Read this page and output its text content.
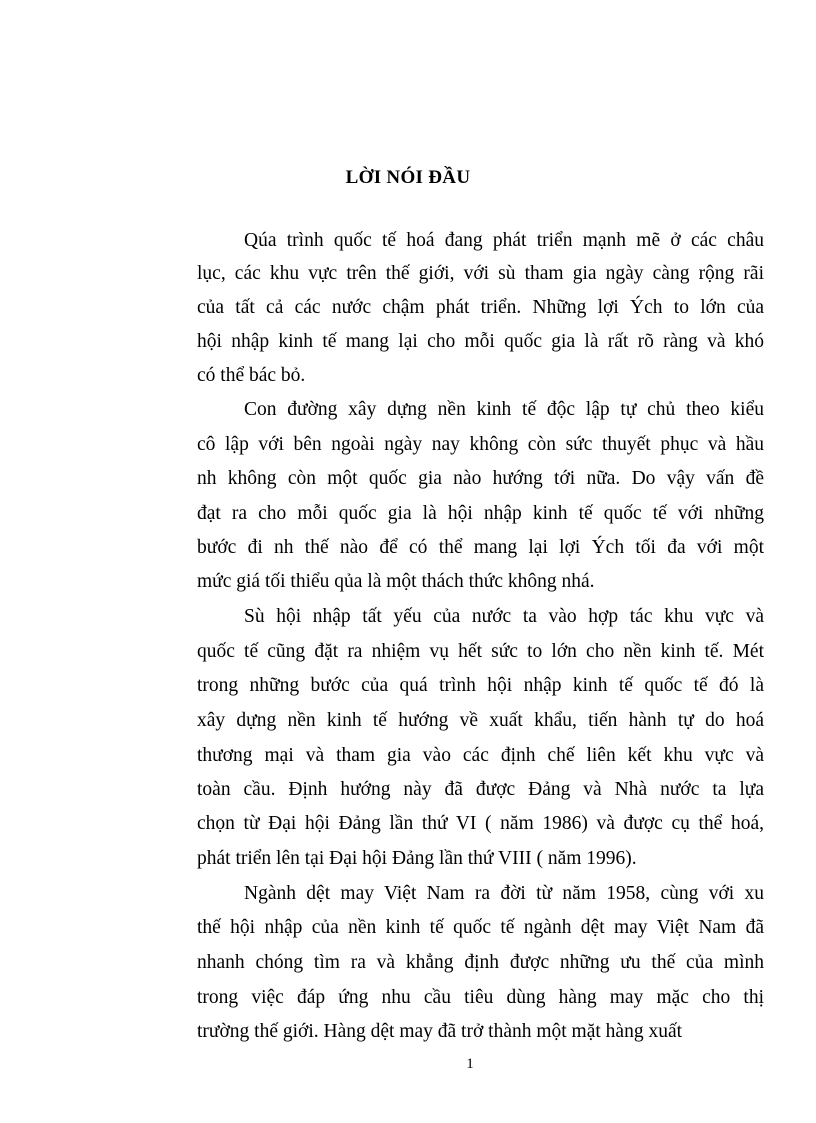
LỜI NÓI ĐẦU
Qúa trình quốc tế hoá đang phát triển mạnh mẽ ở các châu
lục, các khu vực trên thế giới, với sù tham gia ngày càng rộng rãi
của tất cả các nước chậm phát triển. Những lợi Ých to lớn của
hội nhập kinh tế mang lại cho mỗi quốc gia là rất rõ ràng và khó
có thể bác bỏ.
Con đường xây dựng nền kinh tế độc lập tự chủ theo kiểu
cô lập với bên ngoài ngày nay không còn sức thuyết phục và hầu
nh không còn một quốc gia nào hướng tới nữa. Do vậy vấn đề
đạt ra cho mỗi quốc gia là hội nhập kinh tế quốc tế với những
bước đi nh thế nào để có thể mang lại lợi Ých tối đa với một
mức giá tối thiểu qủa là một thách thức không nhá.
Sù hội nhập tất yếu của nước ta vào hợp tác khu vực và
quốc tế cũng đặt ra nhiệm vụ hết sức to lớn cho nền kinh tế. Mét
trong những bước của quá trình hội nhập kinh tế quốc tế đó là
xây dựng nền kinh tế hướng về xuất khẩu, tiến hành tự do hoá
thương mại và tham gia vào các định chế liên kết khu vực và
toàn cầu. Định hướng này đã được Đảng và Nhà nước ta lựa
chọn từ Đại hội Đảng lần thứ VI ( năm 1986) và được cụ thể hoá,
phát triển lên tại Đại hội Đảng lần thứ VIII ( năm 1996).
Ngành dệt may Việt Nam ra đời từ năm 1958, cùng với xu
thế hội nhập của nền kinh tế quốc tế ngành dệt may Việt Nam đã
nhanh chóng tìm ra và khẳng định được những ưu thế của mình
trong việc đáp ứng nhu cầu tiêu dùng hàng may mặc cho thị
trường thế giới. Hàng dệt may đã trở thành một mặt hàng xuất
1
